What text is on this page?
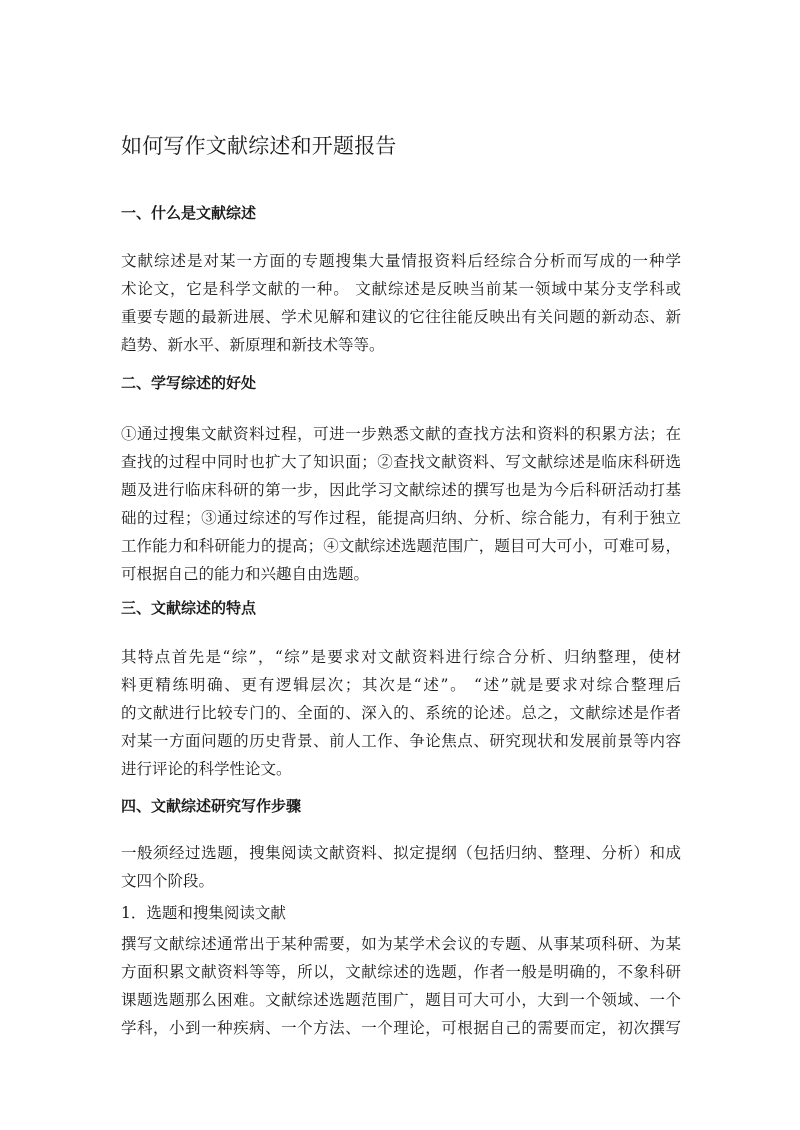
如何写作文献综述和开题报告
一、什么是文献综述
文献综述是对某一方面的专题搜集大量情报资料后经综合分析而写成的一种学
术论文，它是科学文献的一种。 文献综述是反映当前某一领域中某分支学科或
重要专题的最新进展、学术见解和建议的它往往能反映出有关问题的新动态、新
趋势、新水平、新原理和新技术等等。
二、学写综述的好处
①通过搜集文献资料过程，可进一步熟悉文献的查找方法和资料的积累方法；在
查找的过程中同时也扩大了知识面；②查找文献资料、写文献综述是临床科研选
题及进行临床科研的第一步，因此学习文献综述的撰写也是为今后科研活动打基
础的过程；③通过综述的写作过程，能提高归纳、分析、综合能力，有利于独立
工作能力和科研能力的提高；④文献综述选题范围广，题目可大可小，可难可易，
可根据自己的能力和兴趣自由选题。
三、文献综述的特点
其特点首先是“综”，“综”是要求对文献资料进行综合分析、归纳整理，使材
料更精练明确、更有逻辑层次；其次是“述”。 “述”就是要求对综合整理后
的文献进行比较专门的、全面的、深入的、系统的论述。总之，文献综述是作者
对某一方面问题的历史背景、前人工作、争论焦点、研究现状和发展前景等内容
进行评论的科学性论文。
四、文献综述研究写作步骤
一般须经过选题，搜集阅读文献资料、拟定提纲（包括归纳、整理、分析）和成
文四个阶段。
1．选题和搜集阅读文献
撰写文献综述通常出于某种需要，如为某学术会议的专题、从事某项科研、为某
方面积累文献资料等等，所以，文献综述的选题，作者一般是明确的，不象科研
课题选题那么困难。文献综述选题范围广，题目可大可小，大到一个领域、一个
学科，小到一种疾病、一个方法、一个理论，可根据自己的需要而定，初次撰写
